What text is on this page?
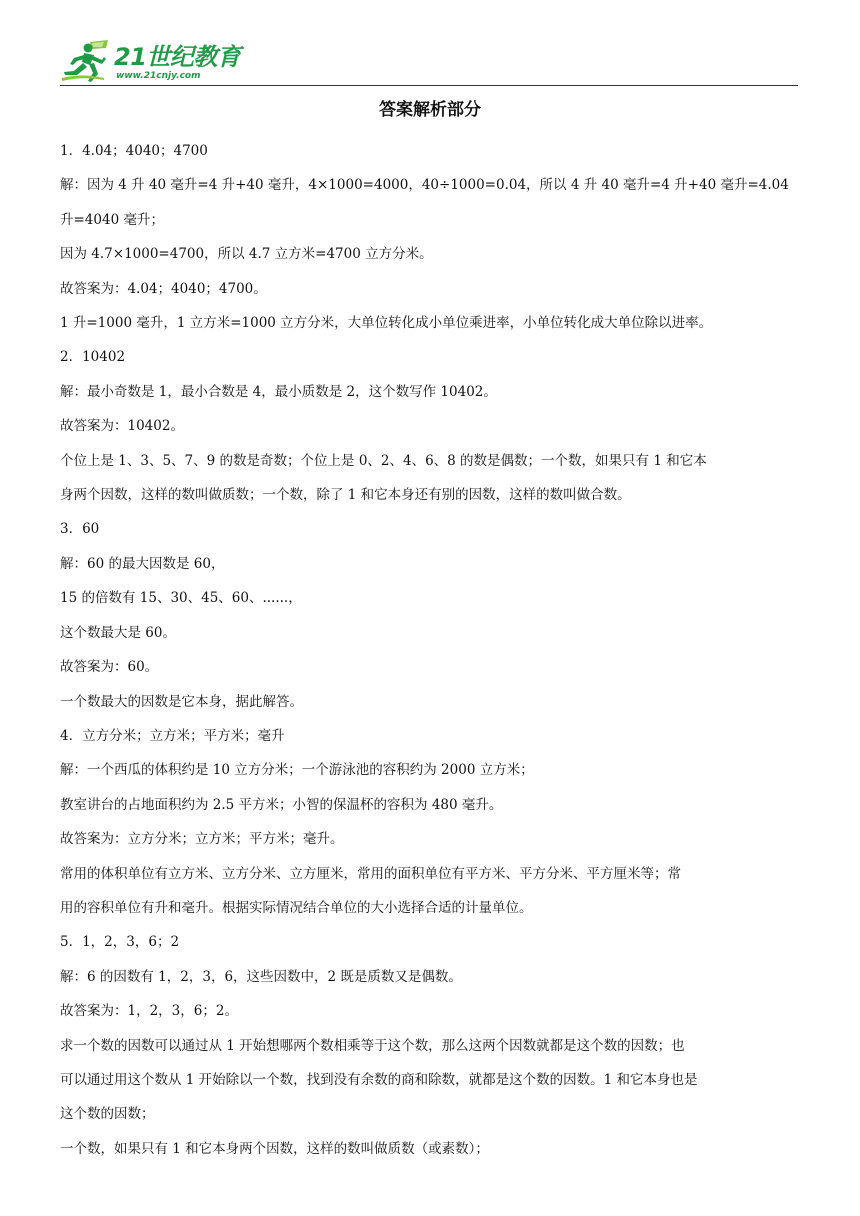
21世纪教育
www.21cnjy.com
答案解析部分

1．4.04；4040；4700

解：因为 4 升 40 毫升=4 升+40 毫升，4×1000=4000，40÷1000=0.04，所以 4 升 40 毫升=4 升+40 毫升=4.04

升=4040 毫升；

因为 4.7×1000=4700，所以 4.7 立方米=4700 立方分米。

故答案为：4.04；4040；4700。

1 升=1000 毫升，1 立方米=1000 立方分米，大单位转化成小单位乘进率，小单位转化成大单位除以进率。

2．10402

解：最小奇数是 1，最小合数是 4，最小质数是 2，这个数写作 10402。

故答案为：10402。

个位上是 1、3、5、7、9 的数是奇数；个位上是 0、2、4、6、8 的数是偶数；一个数，如果只有 1 和它本

身两个因数，这样的数叫做质数；一个数，除了 1 和它本身还有别的因数，这样的数叫做合数。

3．60

解：60 的最大因数是 60，

15 的倍数有 15、30、45、60、......，

这个数最大是 60。

故答案为：60。

一个数最大的因数是它本身，据此解答。

4．立方分米；立方米；平方米；毫升

解：一个西瓜的体积约是 10 立方分米；一个游泳池的容积约为 2000 立方米；

教室讲台的占地面积约为 2.5 平方米；小智的保温杯的容积为 480 毫升。

故答案为：立方分米；立方米；平方米；毫升。

常用的体积单位有立方米、立方分米、立方厘米，常用的面积单位有平方米、平方分米、平方厘米等；常

用的容积单位有升和毫升。根据实际情况结合单位的大小选择合适的计量单位。

5．1，2，3，6；2

解：6 的因数有 1，2，3，6，这些因数中，2 既是质数又是偶数。

故答案为：1，2，3，6；2。

求一个数的因数可以通过从 1 开始想哪两个数相乘等于这个数，那么这两个因数就都是这个数的因数；也

可以通过用这个数从 1 开始除以一个数，找到没有余数的商和除数，就都是这个数的因数。1 和它本身也是

这个数的因数；

一个数，如果只有 1 和它本身两个因数，这样的数叫做质数（或素数）；
